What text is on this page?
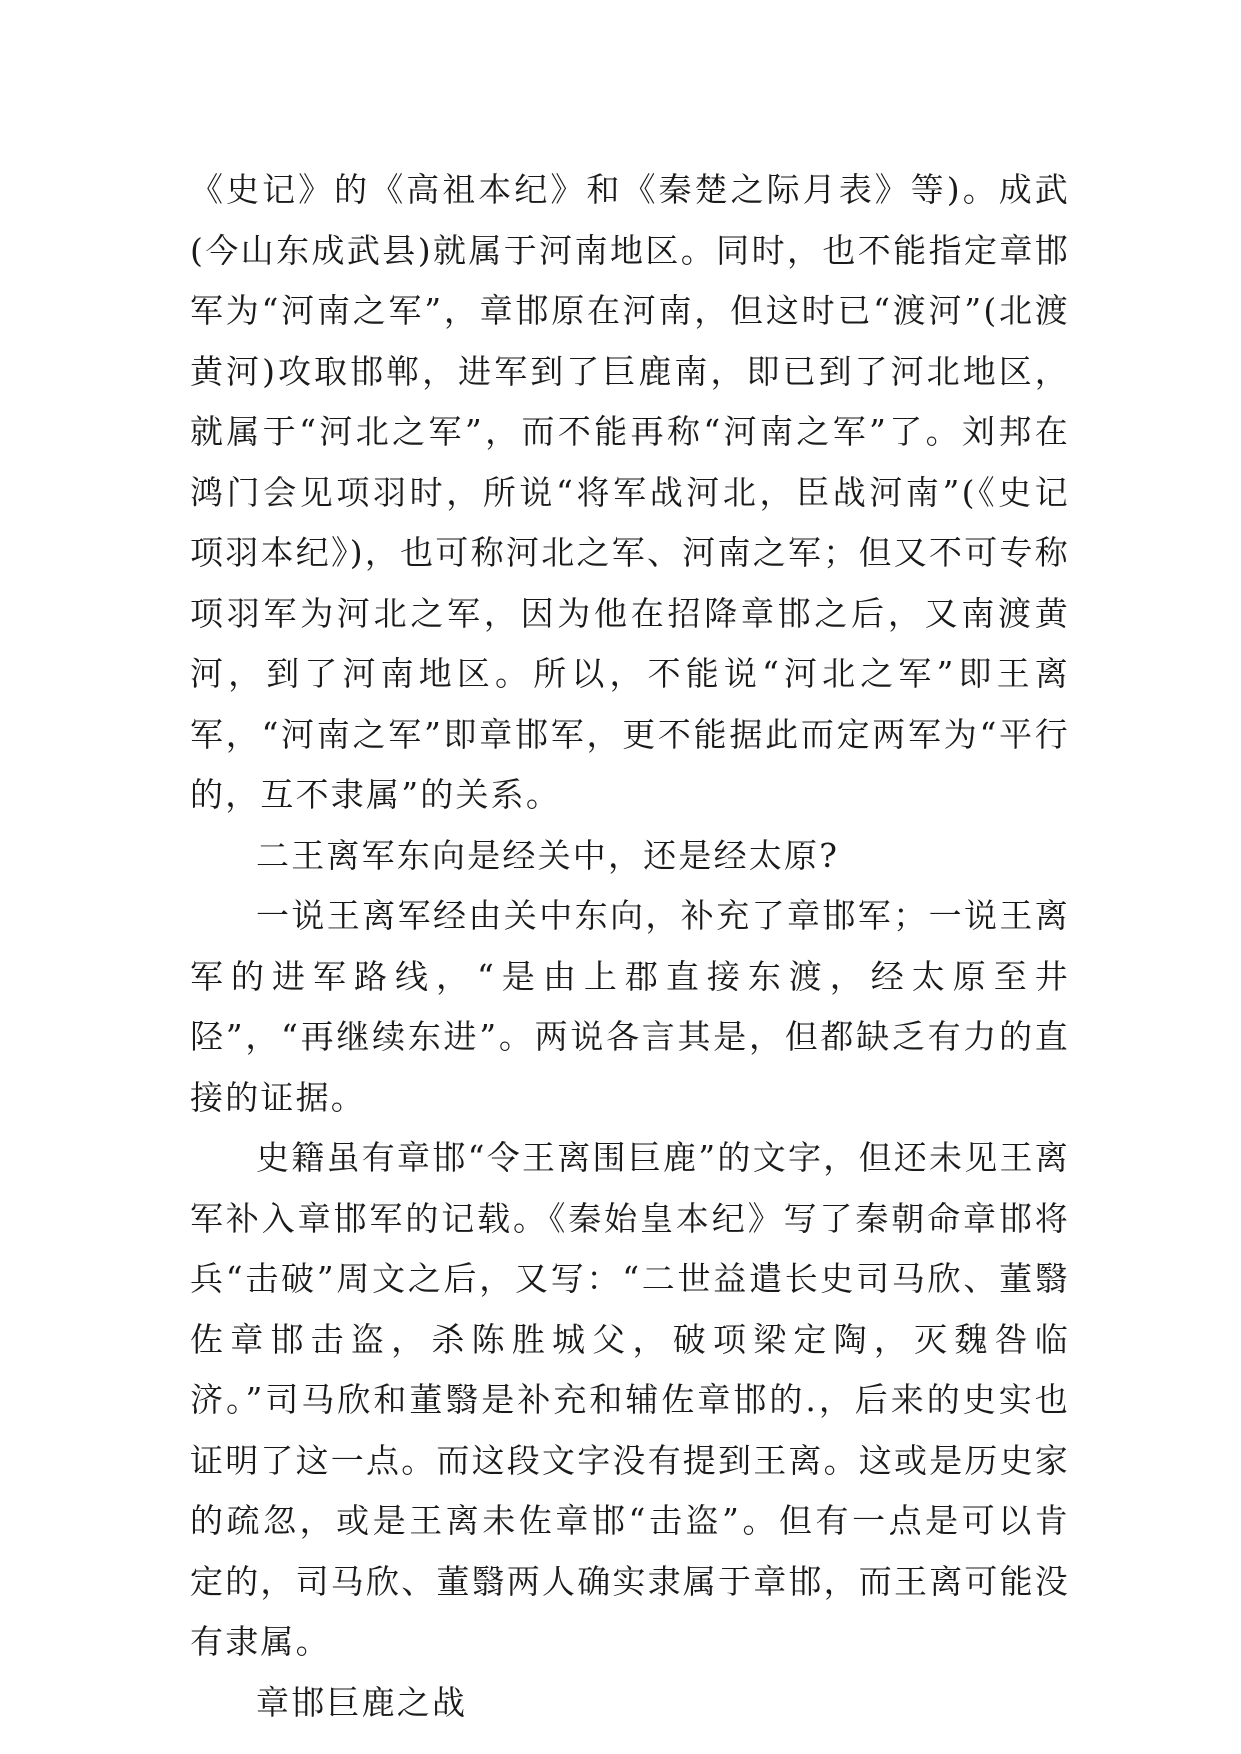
《史记》的《高祖本纪》和《秦楚之际月表》等)。成武(今山东成武县)就属于河南地区。同时，也不能指定章邯军为“河南之军”，章邯原在河南，但这时已“渡河”(北渡黄河)攻取邯郸，进军到了巨鹿南，即已到了河北地区，就属于“河北之军”，而不能再称“河南之军”了。刘邦在鸿门会见项羽时，所说“将军战河北，臣战河南”(《史记项羽本纪》)，也可称河北之军、河南之军；但又不可专称项羽军为河北之军，因为他在招降章邯之后，又南渡黄河，到了河南地区。所以，不能说“河北之军”即王离军，“河南之军”即章邯军，更不能据此而定两军为“平行的，互不隶属”的关系。

二王离军东向是经关中，还是经太原?

一说王离军经由关中东向，补充了章邯军；一说王离军的进军路线，“是由上郡直接东渡，经太原至井陉”，“再继续东进”。两说各言其是，但都缺乏有力的直接的证据。

史籍虽有章邯“令王离围巨鹿”的文字，但还未见王离军补入章邯军的记载。《秦始皇本纪》写了秦朝命章邯将兵“击破”周文之后，又写：“二世益遣长史司马欣、董翳佐章邯击盗，杀陈胜城父，破项梁定陶，灭魏咎临济。”司马欣和董翳是补充和辅佐章邯的.，后来的史实也证明了这一点。而这段文字没有提到王离。这或是历史家的疏忽，或是王离未佐章邯“击盗”。但有一点是可以肯定的，司马欣、董翳两人确实隶属于章邯，而王离可能没有隶属。

章邯巨鹿之战
